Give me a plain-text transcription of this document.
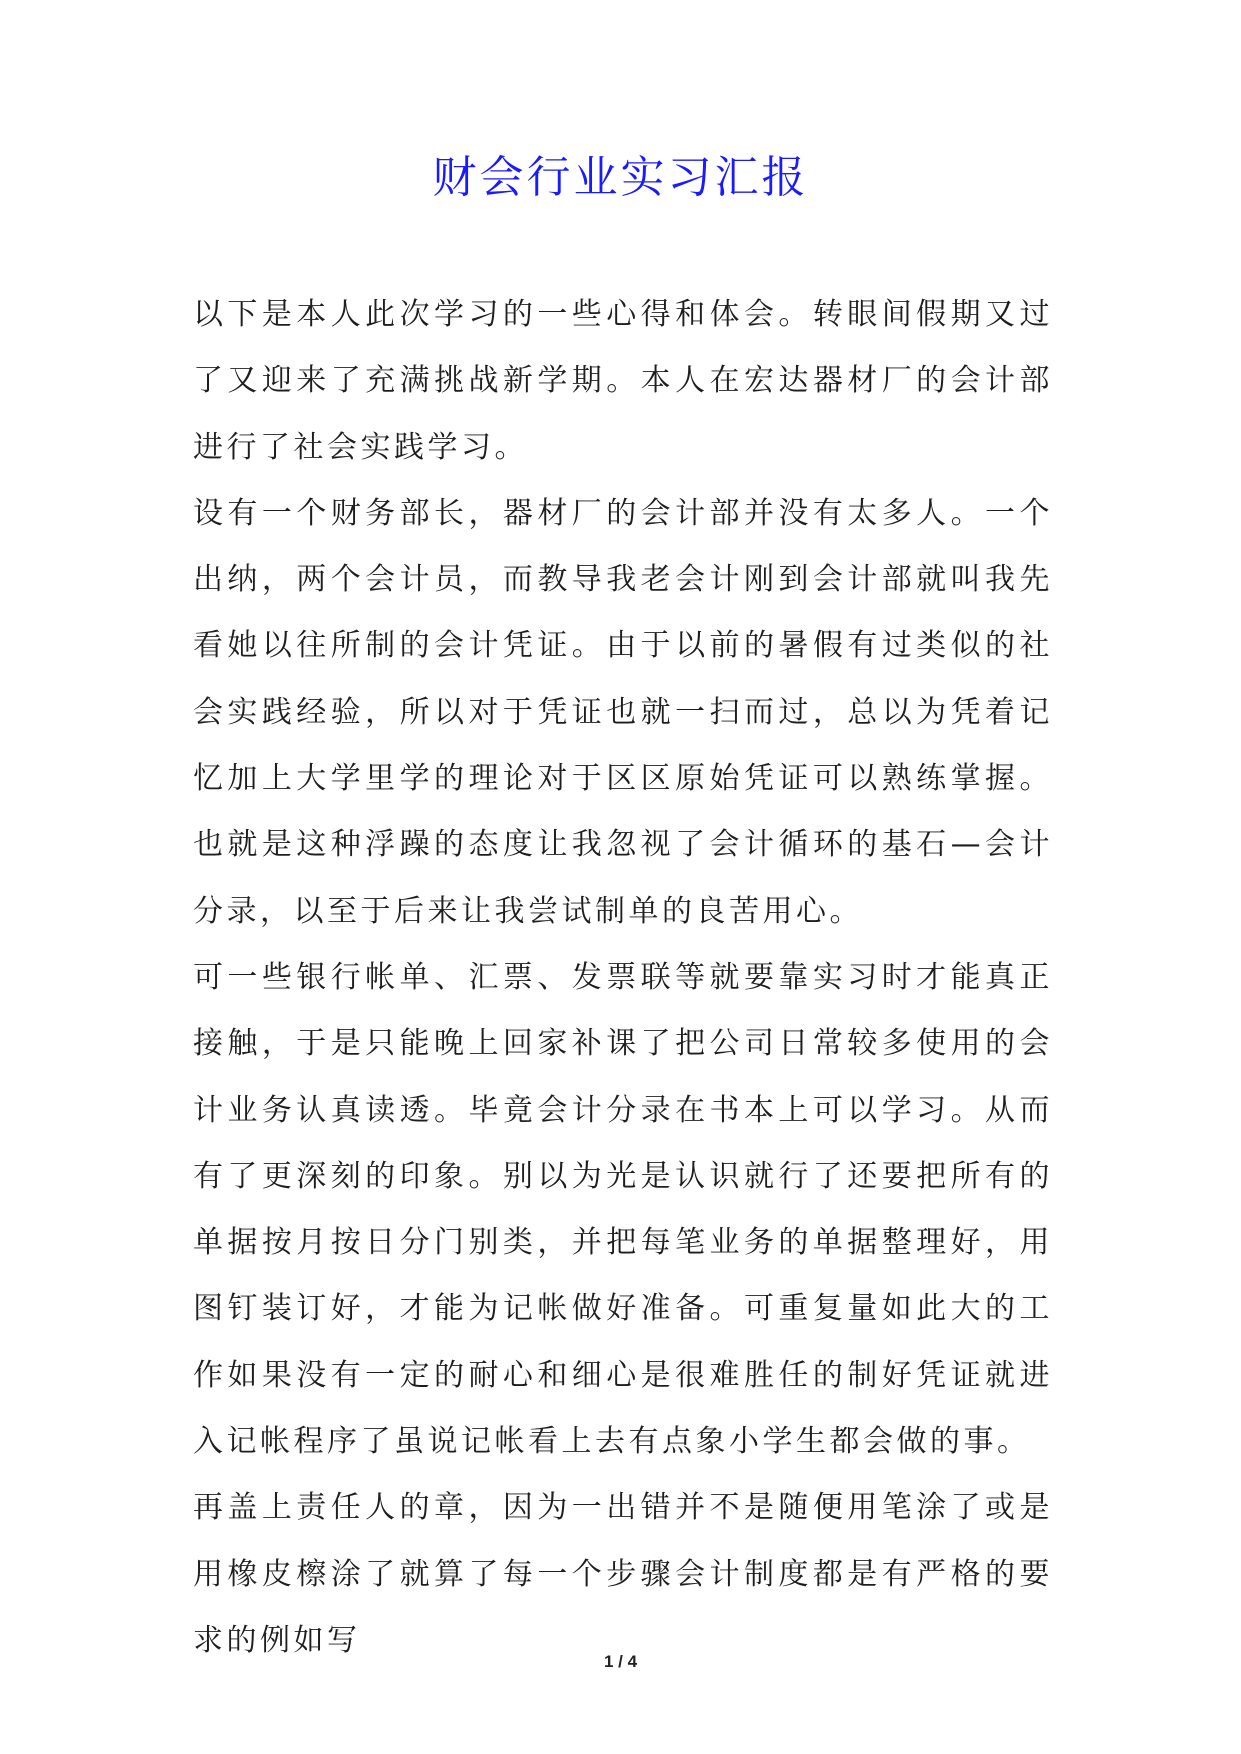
财会行业实习汇报

以下是本人此次学习的一些心得和体会。转眼间假期又过了又迎来了充满挑战新学期。本人在宏达器材厂的会计部进行了社会实践学习。

设有一个财务部长，器材厂的会计部并没有太多人。一个出纳，两个会计员，而教导我老会计刚到会计部就叫我先看她以往所制的会计凭证。由于以前的暑假有过类似的社会实践经验，所以对于凭证也就一扫而过，总以为凭着记忆加上大学里学的理论对于区区原始凭证可以熟练掌握。也就是这种浮躁的态度让我忽视了会计循环的基石—会计分录，以至于后来让我尝试制单的良苦用心。

可一些银行帐单、汇票、发票联等就要靠实习时才能真正接触，于是只能晚上回家补课了把公司日常较多使用的会计业务认真读透。毕竟会计分录在书本上可以学习。从而有了更深刻的印象。别以为光是认识就行了还要把所有的单据按月按日分门别类，并把每笔业务的单据整理好，用图钉装订好，才能为记帐做好准备。可重复量如此大的工作如果没有一定的耐心和细心是很难胜任的制好凭证就进入记帐程序了虽说记帐看上去有点象小学生都会做的事。

再盖上责任人的章，因为一出错并不是随便用笔涂了或是用橡皮檫涂了就算了每一个步骤会计制度都是有严格的要求的例如写

1 / 4
